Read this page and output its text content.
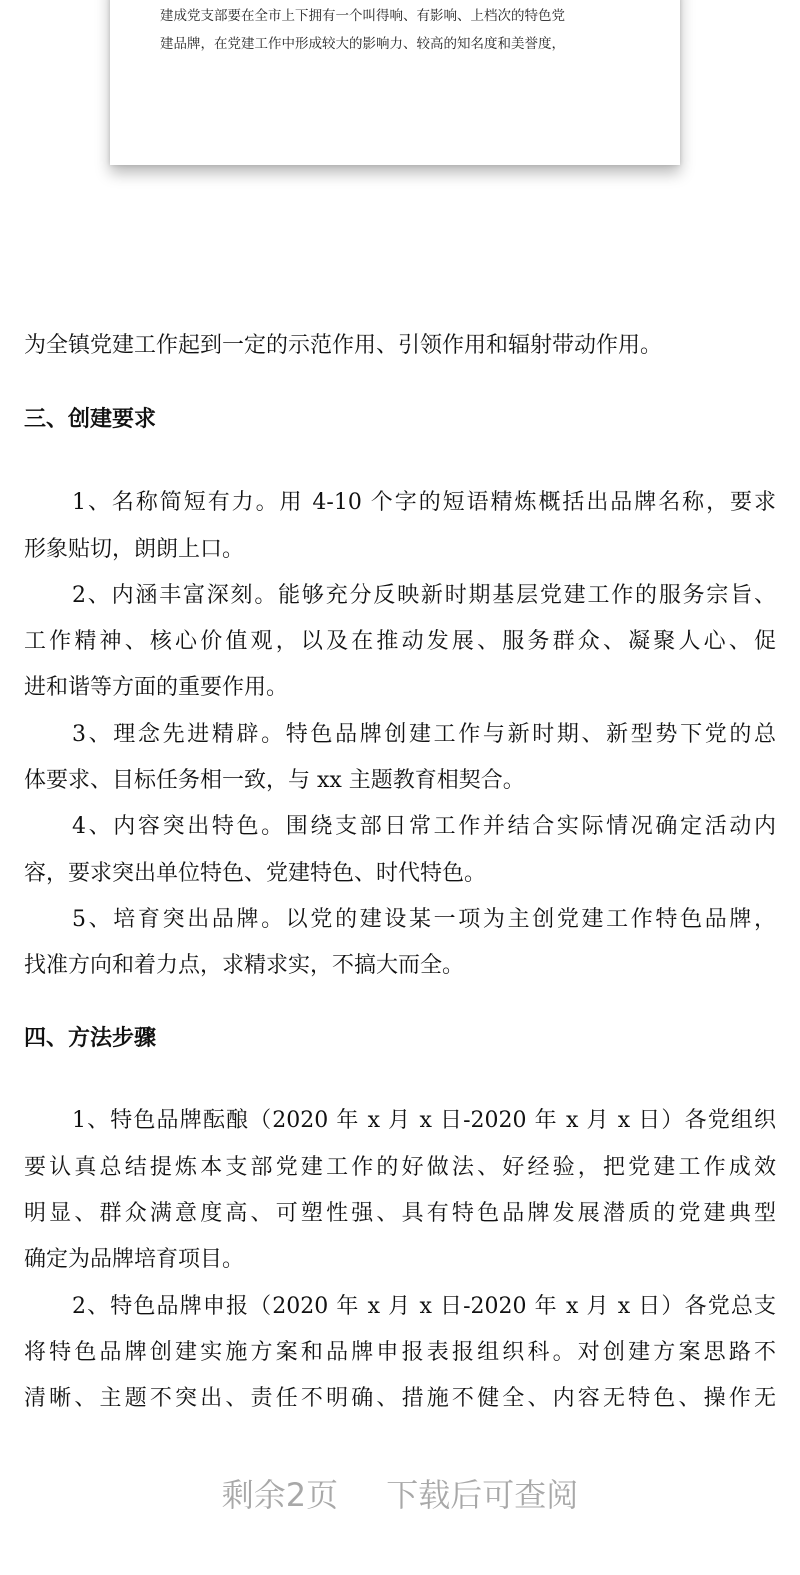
建成党支部要在全市上下拥有一个叫得响、有影响、上档次的特色党

建品牌，在党建工作中形成较大的影响力、较高的知名度和美誉度，

为全镇党建工作起到一定的示范作用、引领作用和辐射带动作用。

三、创建要求

1、名称简短有力。用 4-10 个字的短语精炼概括出品牌名称，要求

形象贴切，朗朗上口。

2、内涵丰富深刻。能够充分反映新时期基层党建工作的服务宗旨、

工作精神、核心价值观，以及在推动发展、服务群众、凝聚人心、促

进和谐等方面的重要作用。

3、理念先进精辟。特色品牌创建工作与新时期、新型势下党的总

体要求、目标任务相一致，与 xx 主题教育相契合。

4、内容突出特色。围绕支部日常工作并结合实际情况确定活动内

容，要求突出单位特色、党建特色、时代特色。

5、培育突出品牌。以党的建设某一项为主创党建工作特色品牌，

找准方向和着力点，求精求实，不搞大而全。

四、方法步骤

1、特色品牌酝酿（2020 年 x 月 x 日-2020 年 x 月 x 日）各党组织

要认真总结提炼本支部党建工作的好做法、好经验，把党建工作成效

明显、群众满意度高、可塑性强、具有特色品牌发展潜质的党建典型

确定为品牌培育项目。

2、特色品牌申报（2020 年 x 月 x 日-2020 年 x 月 x 日）各党总支

将特色品牌创建实施方案和品牌申报表报组织科。对创建方案思路不

清晰、主题不突出、责任不明确、措施不健全、内容无特色、操作无

剩余2页 下载后可查阅
